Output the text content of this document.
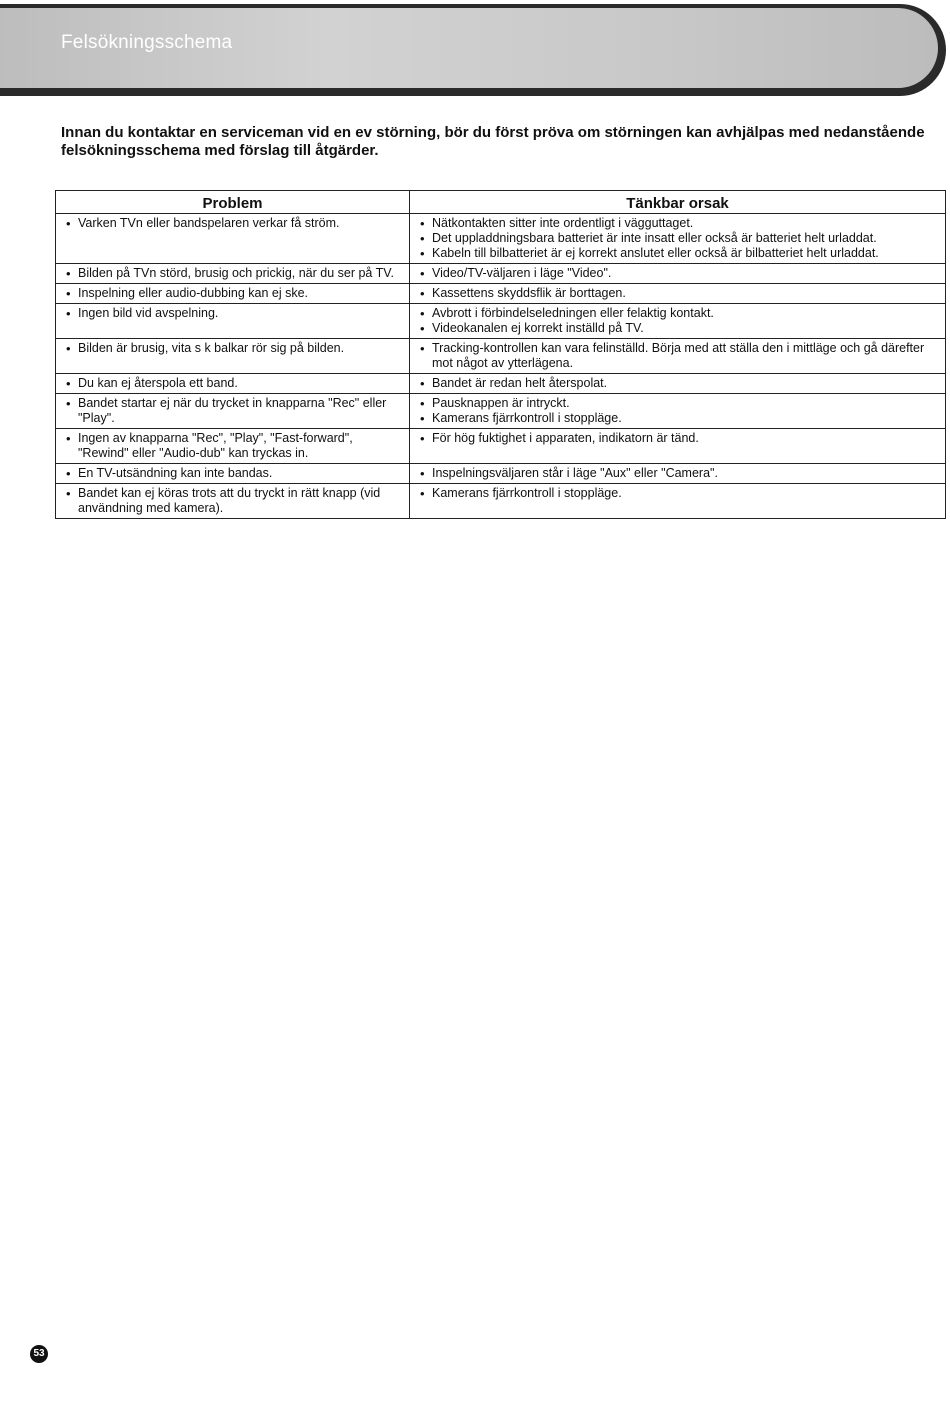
Felsökningsschema

Innan du kontaktar en serviceman vid en ev störning, bör du först pröva om störningen kan avhjälpas med nedanstående felsökningsschema med förslag till åtgärder.

Problem	Tänkbar orsak

• Varken TVn eller bandspelaren verkar få ström.	• Nätkontakten sitter inte ordentligt i vägguttaget.

• Det uppladdningsbara batteriet är inte insatt eller också är batteriet helt urladdat.

• Kabeln till bilbatteriet är ej korrekt anslutet eller också är bilbatteriet helt urladdat.

• Bilden på TVn störd, brusig och prickig, när du ser på TV.	• Video/TV-väljaren i läge "Video".

• Inspelning eller audio-dubbing kan ej ske.	• Kassettens skyddsflik är borttagen.

• Ingen bild vid avspelning.	• Avbrott i förbindelseledningen eller felaktig kontakt.

• Videokanalen ej korrekt inställd på TV.

• Bilden är brusig, vita s k balkar rör sig på bilden.	• Tracking-kontrollen kan vara felinställd. Börja med att ställa den i mittläge och gå därefter mot något av ytterlägena.

• Du kan ej återspola ett band.	• Bandet är redan helt återspolat.

• Bandet startar ej när du trycket in knapparna "Rec" eller "Play".	• Pausknappen är intryckt.

• Kamerans fjärrkontroll i stoppläge.

• Ingen av knapparna "Rec", "Play", "Fast-forward", "Rewind" eller "Audio-dub" kan tryckas in.	• För hög fuktighet i apparaten, indikatorn är tänd.

• En TV-utsändning kan inte bandas.	• Inspelningsväljaren står i läge "Aux" eller "Camera".

• Bandet kan ej köras trots att du tryckt in rätt knapp (vid användning med kamera).	• Kamerans fjärrkontroll i stoppläge.

53
